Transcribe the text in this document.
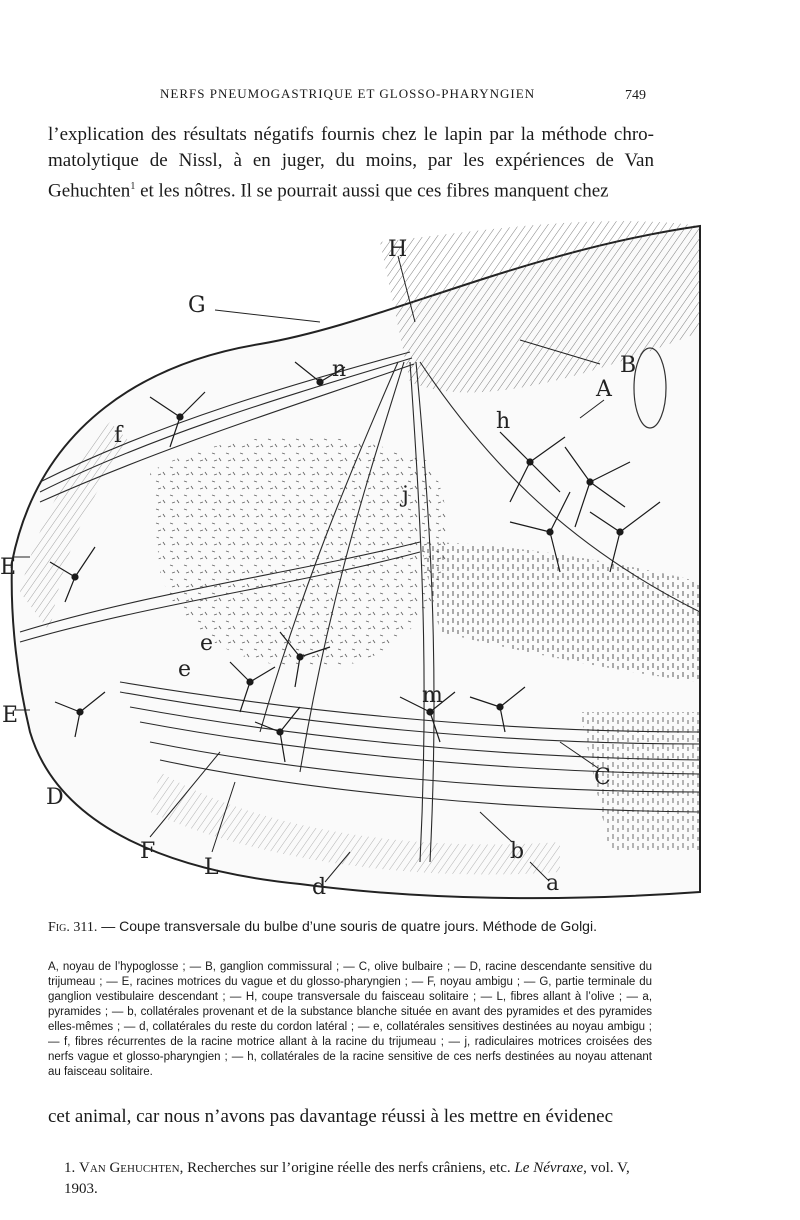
NERFS PNEUMOGASTRIQUE ET GLOSSO-PHARYNGIEN	749
l’explication des résultats négatifs fournis chez le lapin par la méthode chro- matolytique de Nissl, à en juger, du moins, par les expériences de Van Gehuchten$^1$ et les nôtres. Il se pourrait aussi que ces fibres manquent chez
H
G
n	B
A
h
f
j
E
e
e
E
m
C
D
F
L
b
d	a
Fig. 311. — Coupe transversale du bulbe d’une souris de quatre jours. Méthode de Golgi.
A, noyau de l’hypoglosse ; — B, ganglion commissural ; — C, olive bulbaire ; — D, racine descendante sensitive du trijumeau ; — E, racines motrices du vague et du glosso-pharyngien ; — F, noyau ambigu ; — G, partie terminale du ganglion vestibulaire descendant ; — H, coupe transversale du faisceau solitaire ; — L, fibres allant à l’olive ; — a, pyramides ; — b, collatérales provenant et de la substance blanche située en avant des pyramides et des pyramides elles-mêmes ; — d, collatérales du reste du cordon latéral ; — e, collatérales sensitives destinées au noyau ambigu ; — f, fibres récurrentes de la racine motrice allant à la racine du trijumeau ; — j, radiculaires motrices croisées des nerfs vague et glosso-pharyngien ; — h, collatérales de la racine sensitive de ces nerfs destinées au noyau attenant au faisceau solitaire.
cet animal, car nous n’avons pas davantage réussi à les mettre en évidenec
1. Van Gehuchten, Recherches sur l’origine réelle des nerfs crâniens, etc. Le Névraxe, vol. V, 1903.
